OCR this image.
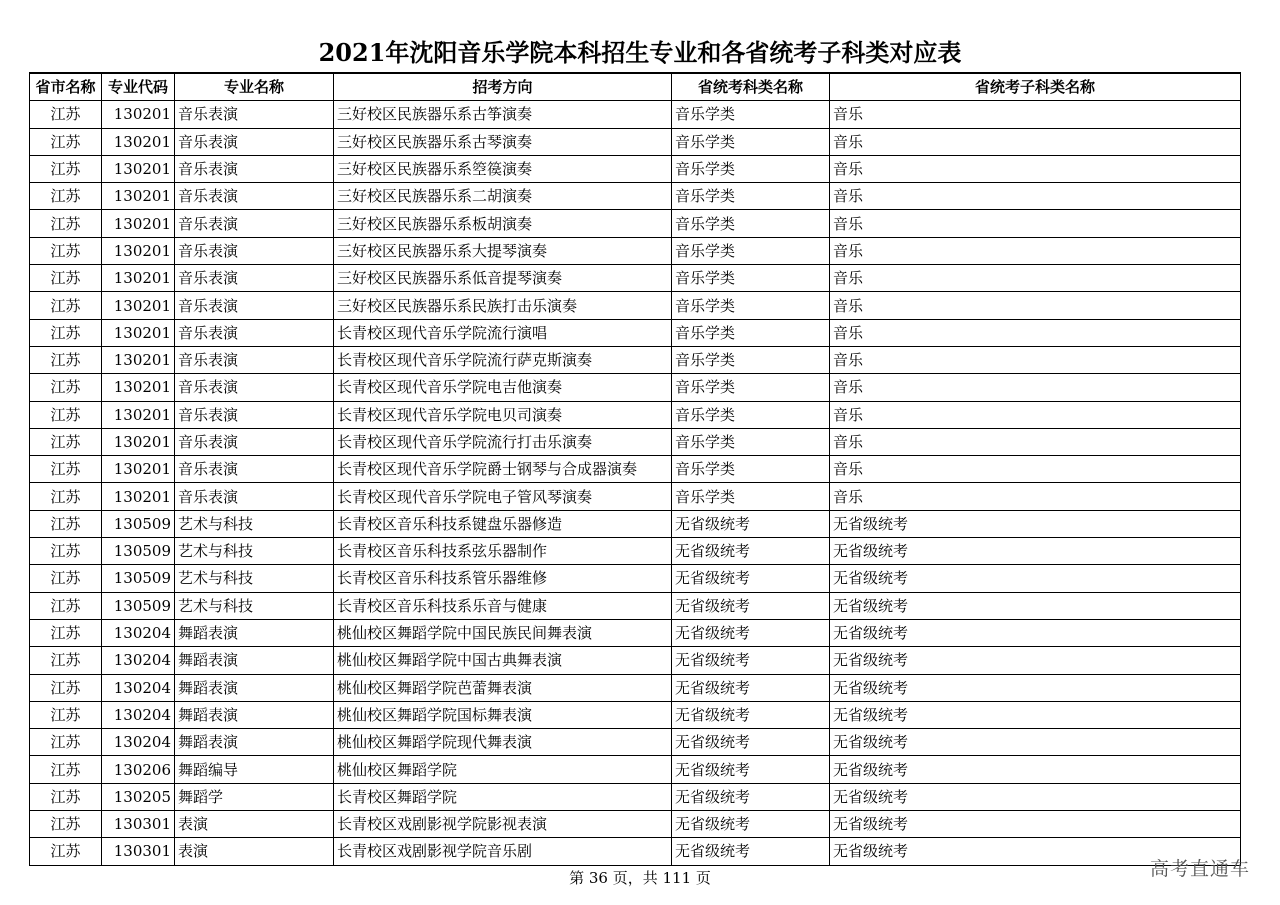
2021年沈阳音乐学院本科招生专业和各省统考子科类对应表
省市名称	专业代码	专业名称	招考方向	省统考科类名称	省统考子科类名称
江苏	130201	音乐表演	三好校区民族器乐系古筝演奏	音乐学类	音乐
江苏	130201	音乐表演	三好校区民族器乐系古琴演奏	音乐学类	音乐
江苏	130201	音乐表演	三好校区民族器乐系箜篌演奏	音乐学类	音乐
江苏	130201	音乐表演	三好校区民族器乐系二胡演奏	音乐学类	音乐
江苏	130201	音乐表演	三好校区民族器乐系板胡演奏	音乐学类	音乐
江苏	130201	音乐表演	三好校区民族器乐系大提琴演奏	音乐学类	音乐
江苏	130201	音乐表演	三好校区民族器乐系低音提琴演奏	音乐学类	音乐
江苏	130201	音乐表演	三好校区民族器乐系民族打击乐演奏	音乐学类	音乐
江苏	130201	音乐表演	长青校区现代音乐学院流行演唱	音乐学类	音乐
江苏	130201	音乐表演	长青校区现代音乐学院流行萨克斯演奏	音乐学类	音乐
江苏	130201	音乐表演	长青校区现代音乐学院电吉他演奏	音乐学类	音乐
江苏	130201	音乐表演	长青校区现代音乐学院电贝司演奏	音乐学类	音乐
江苏	130201	音乐表演	长青校区现代音乐学院流行打击乐演奏	音乐学类	音乐
江苏	130201	音乐表演	长青校区现代音乐学院爵士钢琴与合成器演奏	音乐学类	音乐
江苏	130201	音乐表演	长青校区现代音乐学院电子管风琴演奏	音乐学类	音乐
江苏	130509	艺术与科技	长青校区音乐科技系键盘乐器修造	无省级统考	无省级统考
江苏	130509	艺术与科技	长青校区音乐科技系弦乐器制作	无省级统考	无省级统考
江苏	130509	艺术与科技	长青校区音乐科技系管乐器维修	无省级统考	无省级统考
江苏	130509	艺术与科技	长青校区音乐科技系乐音与健康	无省级统考	无省级统考
江苏	130204	舞蹈表演	桃仙校区舞蹈学院中国民族民间舞表演	无省级统考	无省级统考
江苏	130204	舞蹈表演	桃仙校区舞蹈学院中国古典舞表演	无省级统考	无省级统考
江苏	130204	舞蹈表演	桃仙校区舞蹈学院芭蕾舞表演	无省级统考	无省级统考
江苏	130204	舞蹈表演	桃仙校区舞蹈学院国标舞表演	无省级统考	无省级统考
江苏	130204	舞蹈表演	桃仙校区舞蹈学院现代舞表演	无省级统考	无省级统考
江苏	130206	舞蹈编导	桃仙校区舞蹈学院	无省级统考	无省级统考
江苏	130205	舞蹈学	长青校区舞蹈学院	无省级统考	无省级统考
江苏	130301	表演	长青校区戏剧影视学院影视表演	无省级统考	无省级统考
江苏	130301	表演	长青校区戏剧影视学院音乐剧	无省级统考	无省级统考
第 36 页，共 111 页	高考直通车
